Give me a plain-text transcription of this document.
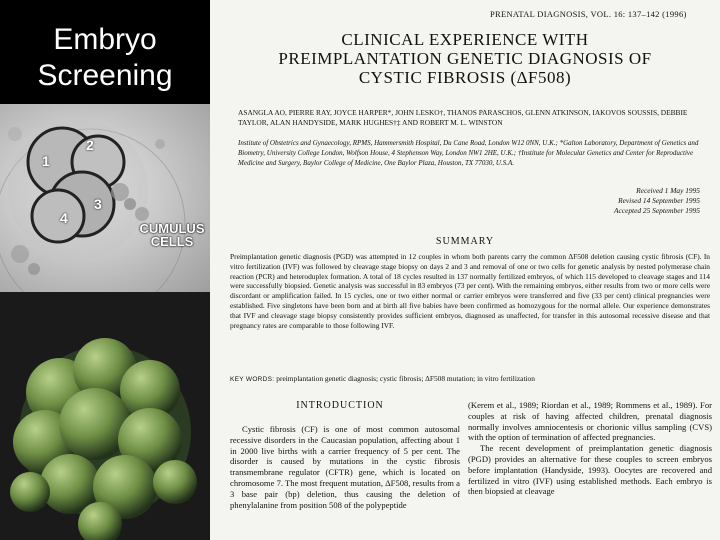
Embryo
Screening
2
1
3
4
CUMULUS
CELLS
PRENATAL DIAGNOSIS, VOL. 16: 137–142 (1996)
CLINICAL EXPERIENCE WITH
PREIMPLANTATION GENETIC DIAGNOSIS OF
CYSTIC FIBROSIS (ΔF508)
ASANGLA AO, PIERRE RAY, JOYCE HARPER*, JOHN LESKO†, THANOS PARASCHOS, GLENN ATKINSON, IAKOVOS SOUSSIS, DEBBIE TAYLOR, ALAN HANDYSIDE, MARK HUGHES†‡ AND ROBERT M. L. WINSTON
Institute of Obstetrics and Gynaecology, RPMS, Hammersmith Hospital, Du Cane Road, London W12 0NN, U.K.; *Galton Laboratory, Department of Genetics and Biometry, University College London, Wolfson House, 4 Stephenson Way, London NW1 2HE, U.K.; †Institute for Molecular Genetics and Center for Reproductive Medicine and Surgery, Baylor College of Medicine, One Baylor Plaza, Houston, TX 77030, U.S.A.
Received 1 May 1995
Revised 14 September 1995
Accepted 25 September 1995
SUMMARY
Preimplantation genetic diagnosis (PGD) was attempted in 12 couples in whom both parents carry the common ΔF508 deletion causing cystic fibrosis (CF). In vitro fertilization (IVF) was followed by cleavage stage biopsy on days 2 and 3 and removal of one or two cells for genetic analysis by nested polymerase chain reaction (PCR) and heteroduplex formation. A total of 18 cycles resulted in 137 normally fertilized embryos, of which 115 developed to cleavage stages and 114 were successfully biopsied. Genetic analysis was successful in 83 embryos (73 per cent). With the remaining embryos, either results from two or more cells were discordant or amplification failed. In 15 cycles, one or two either normal or carrier embryos were transferred and five (33 per cent) clinical pregnancies were established. Five singletons have been born and at birth all five babies have been confirmed as homozygous for the normal allele. Our experience demonstrates that IVF and cleavage stage biopsy consistently provides sufficient embryos, diagnosed as unaffected, for transfer in this autosomal recessive disease and that pregnancy rates are comparable to those following IVF.
KEY WORDS: preimplantation genetic diagnosis; cystic fibrosis; ΔF508 mutation; in vitro fertilization
INTRODUCTION

Cystic fibrosis (CF) is one of most common autosomal recessive disorders in the Caucasian population, affecting about 1 in 2000 live births with a carrier frequency of 5 per cent. The disorder is caused by mutations in the cystic fibrosis transmembrane regulator (CFTR) gene, which is located on chromosome 7. The most frequent mutation, ΔF508, results from a 3 base pair (bp) deletion, thus causing the deletion of phenylalanine from position 508 of the polypeptide

(Kerem et al., 1989; Riordan et al., 1989; Rommens et al., 1989). For couples at risk of having affected children, prenatal diagnosis normally involves amniocentesis or chorionic villus sampling (CVS) with the option of termination of affected pregnancies.

The recent development of preimplantation genetic diagnosis (PGD) provides an alternative for these couples to screen embryos before implantation (Handyside, 1993). Oocytes are recovered and fertilized in vitro (IVF) using established methods. Each embryo is then biopsied at cleavage
